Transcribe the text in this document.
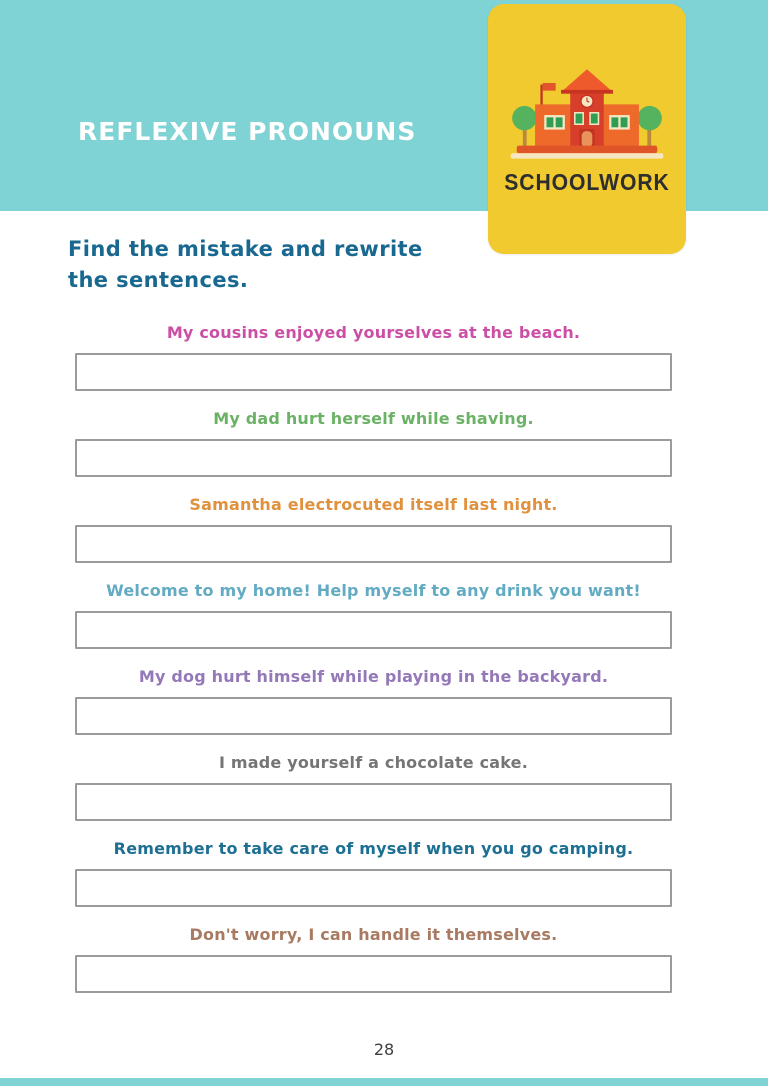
REFLEXIVE PRONOUNS
SCHOOLWORK
Find the mistake and rewrite
the sentences.
My cousins enjoyed yourselves at the beach.
My dad hurt herself while shaving.
Samantha electrocuted itself last night.
Welcome to my home! Help myself to any drink you want!
My dog hurt himself while playing in the backyard.
I made yourself a chocolate cake.
Remember to take care of myself when you go camping.
Don't worry, I can handle it themselves.
28
